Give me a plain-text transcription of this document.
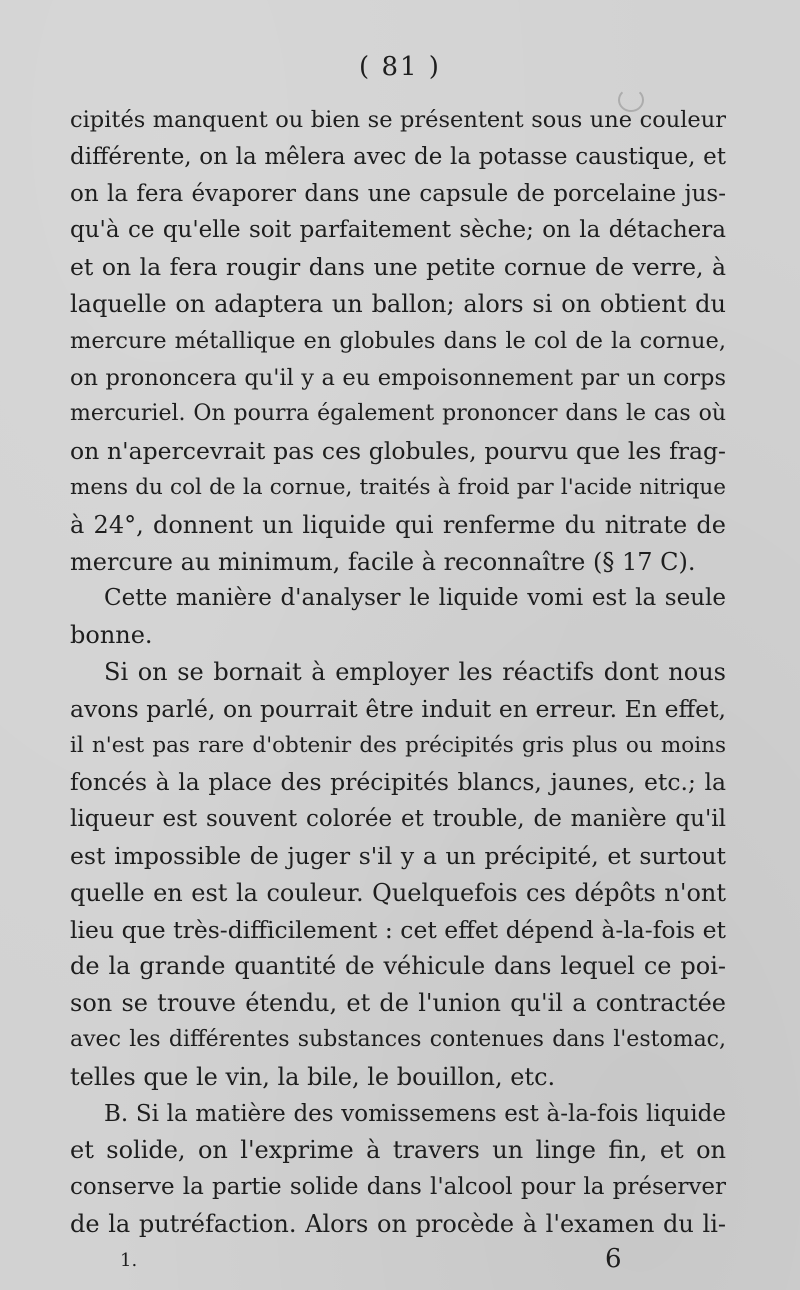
( 81 )
cipités manquent ou bien se présentent sous une couleur
différente, on la mêlera avec de la potasse caustique, et
on la fera évaporer dans une capsule de porcelaine jus-
qu'à ce qu'elle soit parfaitement sèche; on la détachera
et on la fera rougir dans une petite cornue de verre, à
laquelle on adaptera un ballon; alors si on obtient du
mercure métallique en globules dans le col de la cornue,
on prononcera qu'il y a eu empoisonnement par un corps
mercuriel. On pourra également prononcer dans le cas où
on n'apercevrait pas ces globules, pourvu que les frag-
mens du col de la cornue, traités à froid par l'acide nitrique
à 24°, donnent un liquide qui renferme du nitrate de
mercure au minimum, facile à reconnaître (§ 17 C).
Cette manière d'analyser le liquide vomi est la seule
bonne.
Si on se bornait à employer les réactifs dont nous
avons parlé, on pourrait être induit en erreur. En effet,
il n'est pas rare d'obtenir des précipités gris plus ou moins
foncés à la place des précipités blancs, jaunes, etc.; la
liqueur est souvent colorée et trouble, de manière qu'il
est impossible de juger s'il y a un précipité, et surtout
quelle en est la couleur. Quelquefois ces dépôts n'ont
lieu que très-difficilement : cet effet dépend à-la-fois et
de la grande quantité de véhicule dans lequel ce poi-
son se trouve étendu, et de l'union qu'il a contractée
avec les différentes substances contenues dans l'estomac,
telles que le vin, la bile, le bouillon, etc.
B. Si la matière des vomissemens est à-la-fois liquide
et solide, on l'exprime à travers un linge fin, et on
conserve la partie solide dans l'alcool pour la préserver
de la putréfaction. Alors on procède à l'examen du li-
1.	6
